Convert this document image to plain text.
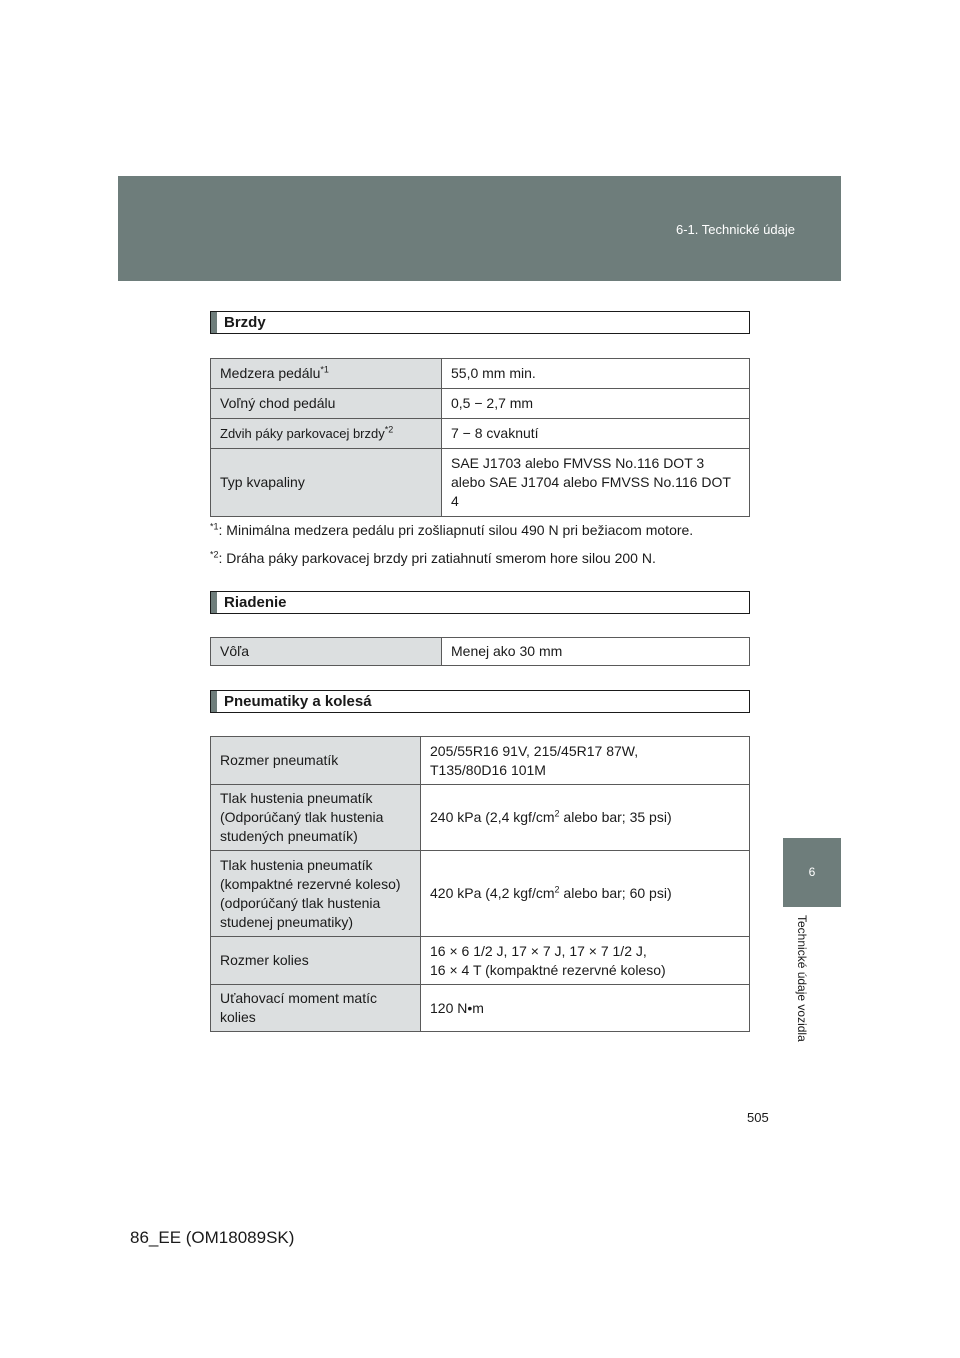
6-1. Technické údaje
6
Technické údaje vozidla
Brzdy
Medzera pedálu$^{*1}$	55,0 mm min.
Voľný chod pedálu	0,5 − 2,7 mm
Zdvih páky parkovacej brzdy$^{*2}$	7 − 8 cvaknutí
Typ kvapaliny	SAE J1703 alebo FMVSS No.116 DOT 3 alebo SAE J1704 alebo FMVSS No.116 DOT 4
$^{*1}$: Minimálna medzera pedálu pri zošliapnutí silou 490 N pri bežiacom motore.
$^{*2}$: Dráha páky parkovacej brzdy pri zatiahnutí smerom hore silou 200 N.
Riadenie
Vôľa	Menej ako 30 mm
Pneumatiky a kolesá
Rozmer pneumatík	205/55R16 91V, 215/45R17 87W,
T135/80D16 101M

Tlak hustenia pneumatík
(Odporúčaný tlak hustenia
studených pneumatík)	240 kPa (2,4 kgf/$cm^2$ alebo bar; 35 psi)

Tlak hustenia pneumatík
(kompaktné rezervné koleso)
(odporúčaný tlak hustenia
studenej pneumatiky)	420 kPa (4,2 kgf/$cm^2$ alebo bar; 60 psi)
Rozmer kolies	16 × 6 1/2 J, 17 × 7 J, 17 × 7 1/2 J,
16 × 4 T (kompaktné rezervné koleso)

Uťahovací moment matíc
kolies	120 N•m
505
86_EE (OM18089SK)
